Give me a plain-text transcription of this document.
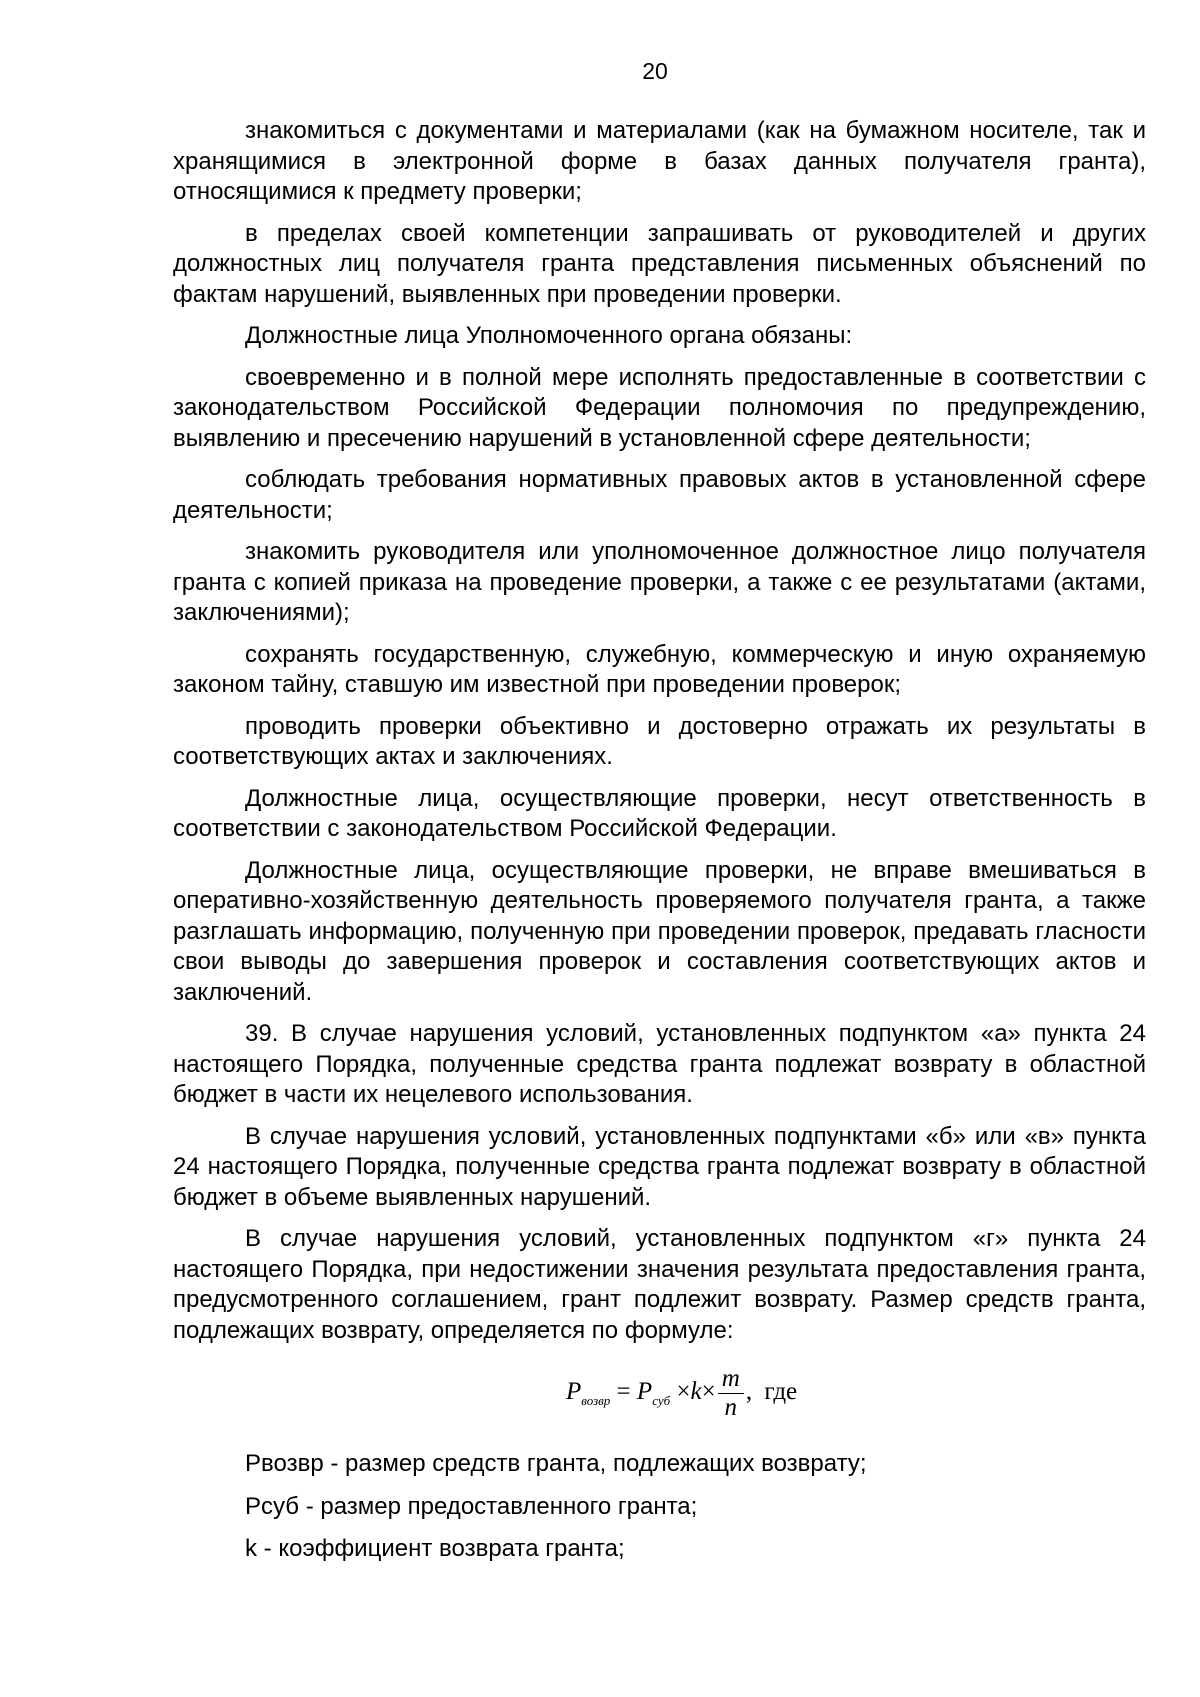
20

знакомиться с документами и материалами (как на бумажном носителе, так и хранящимися в электронной форме в базах данных получателя гранта), относящимися к предмету проверки;

в пределах своей компетенции запрашивать от руководителей и других должностных лиц получателя гранта представления письменных объяснений по фактам нарушений, выявленных при проведении проверки.

Должностные лица Уполномоченного органа обязаны:

своевременно и в полной мере исполнять предоставленные в соответствии с законодательством Российской Федерации полномочия по предупреждению, выявлению и пресечению нарушений в установленной сфере деятельности;

соблюдать требования нормативных правовых актов в установленной сфере деятельности;

знакомить руководителя или уполномоченное должностное лицо получателя гранта с копией приказа на проведение проверки, а также с ее результатами (актами, заключениями);

сохранять государственную, служебную, коммерческую и иную охраняемую законом тайну, ставшую им известной при проведении проверок;

проводить проверки объективно и достоверно отражать их результаты в соответствующих актах и заключениях.

Должностные лица, осуществляющие проверки, несут ответственность в соответствии с законодательством Российской Федерации.

Должностные лица, осуществляющие проверки, не вправе вмешиваться в оперативно-хозяйственную деятельность проверяемого получателя гранта, а также разглашать информацию, полученную при проведении проверок, предавать гласности свои выводы до завершения проверок и составления соответствующих актов и заключений.

39. В случае нарушения условий, установленных подпунктом «а» пункта 24 настоящего Порядка, полученные средства гранта подлежат возврату в областной бюджет в части их нецелевого использования.

В случае нарушения условий, установленных подпунктами «б» или «в» пункта 24 настоящего Порядка, полученные средства гранта подлежат возврату в областной бюджет в объеме выявленных нарушений.

В случае нарушения условий, установленных подпунктом «г» пункта 24 настоящего Порядка, при недостижении значения результата предоставления гранта, предусмотренного соглашением, грант подлежит возврату. Размер средств гранта, подлежащих возврату, определяется по формуле:

$P_{возвр} = P_{суб} \times k\times \frac{m}{n}$ , где

Рвозвр - размер средств гранта, подлежащих возврату;

Рсуб - размер предоставленного гранта;

k - коэффициент возврата гранта;
